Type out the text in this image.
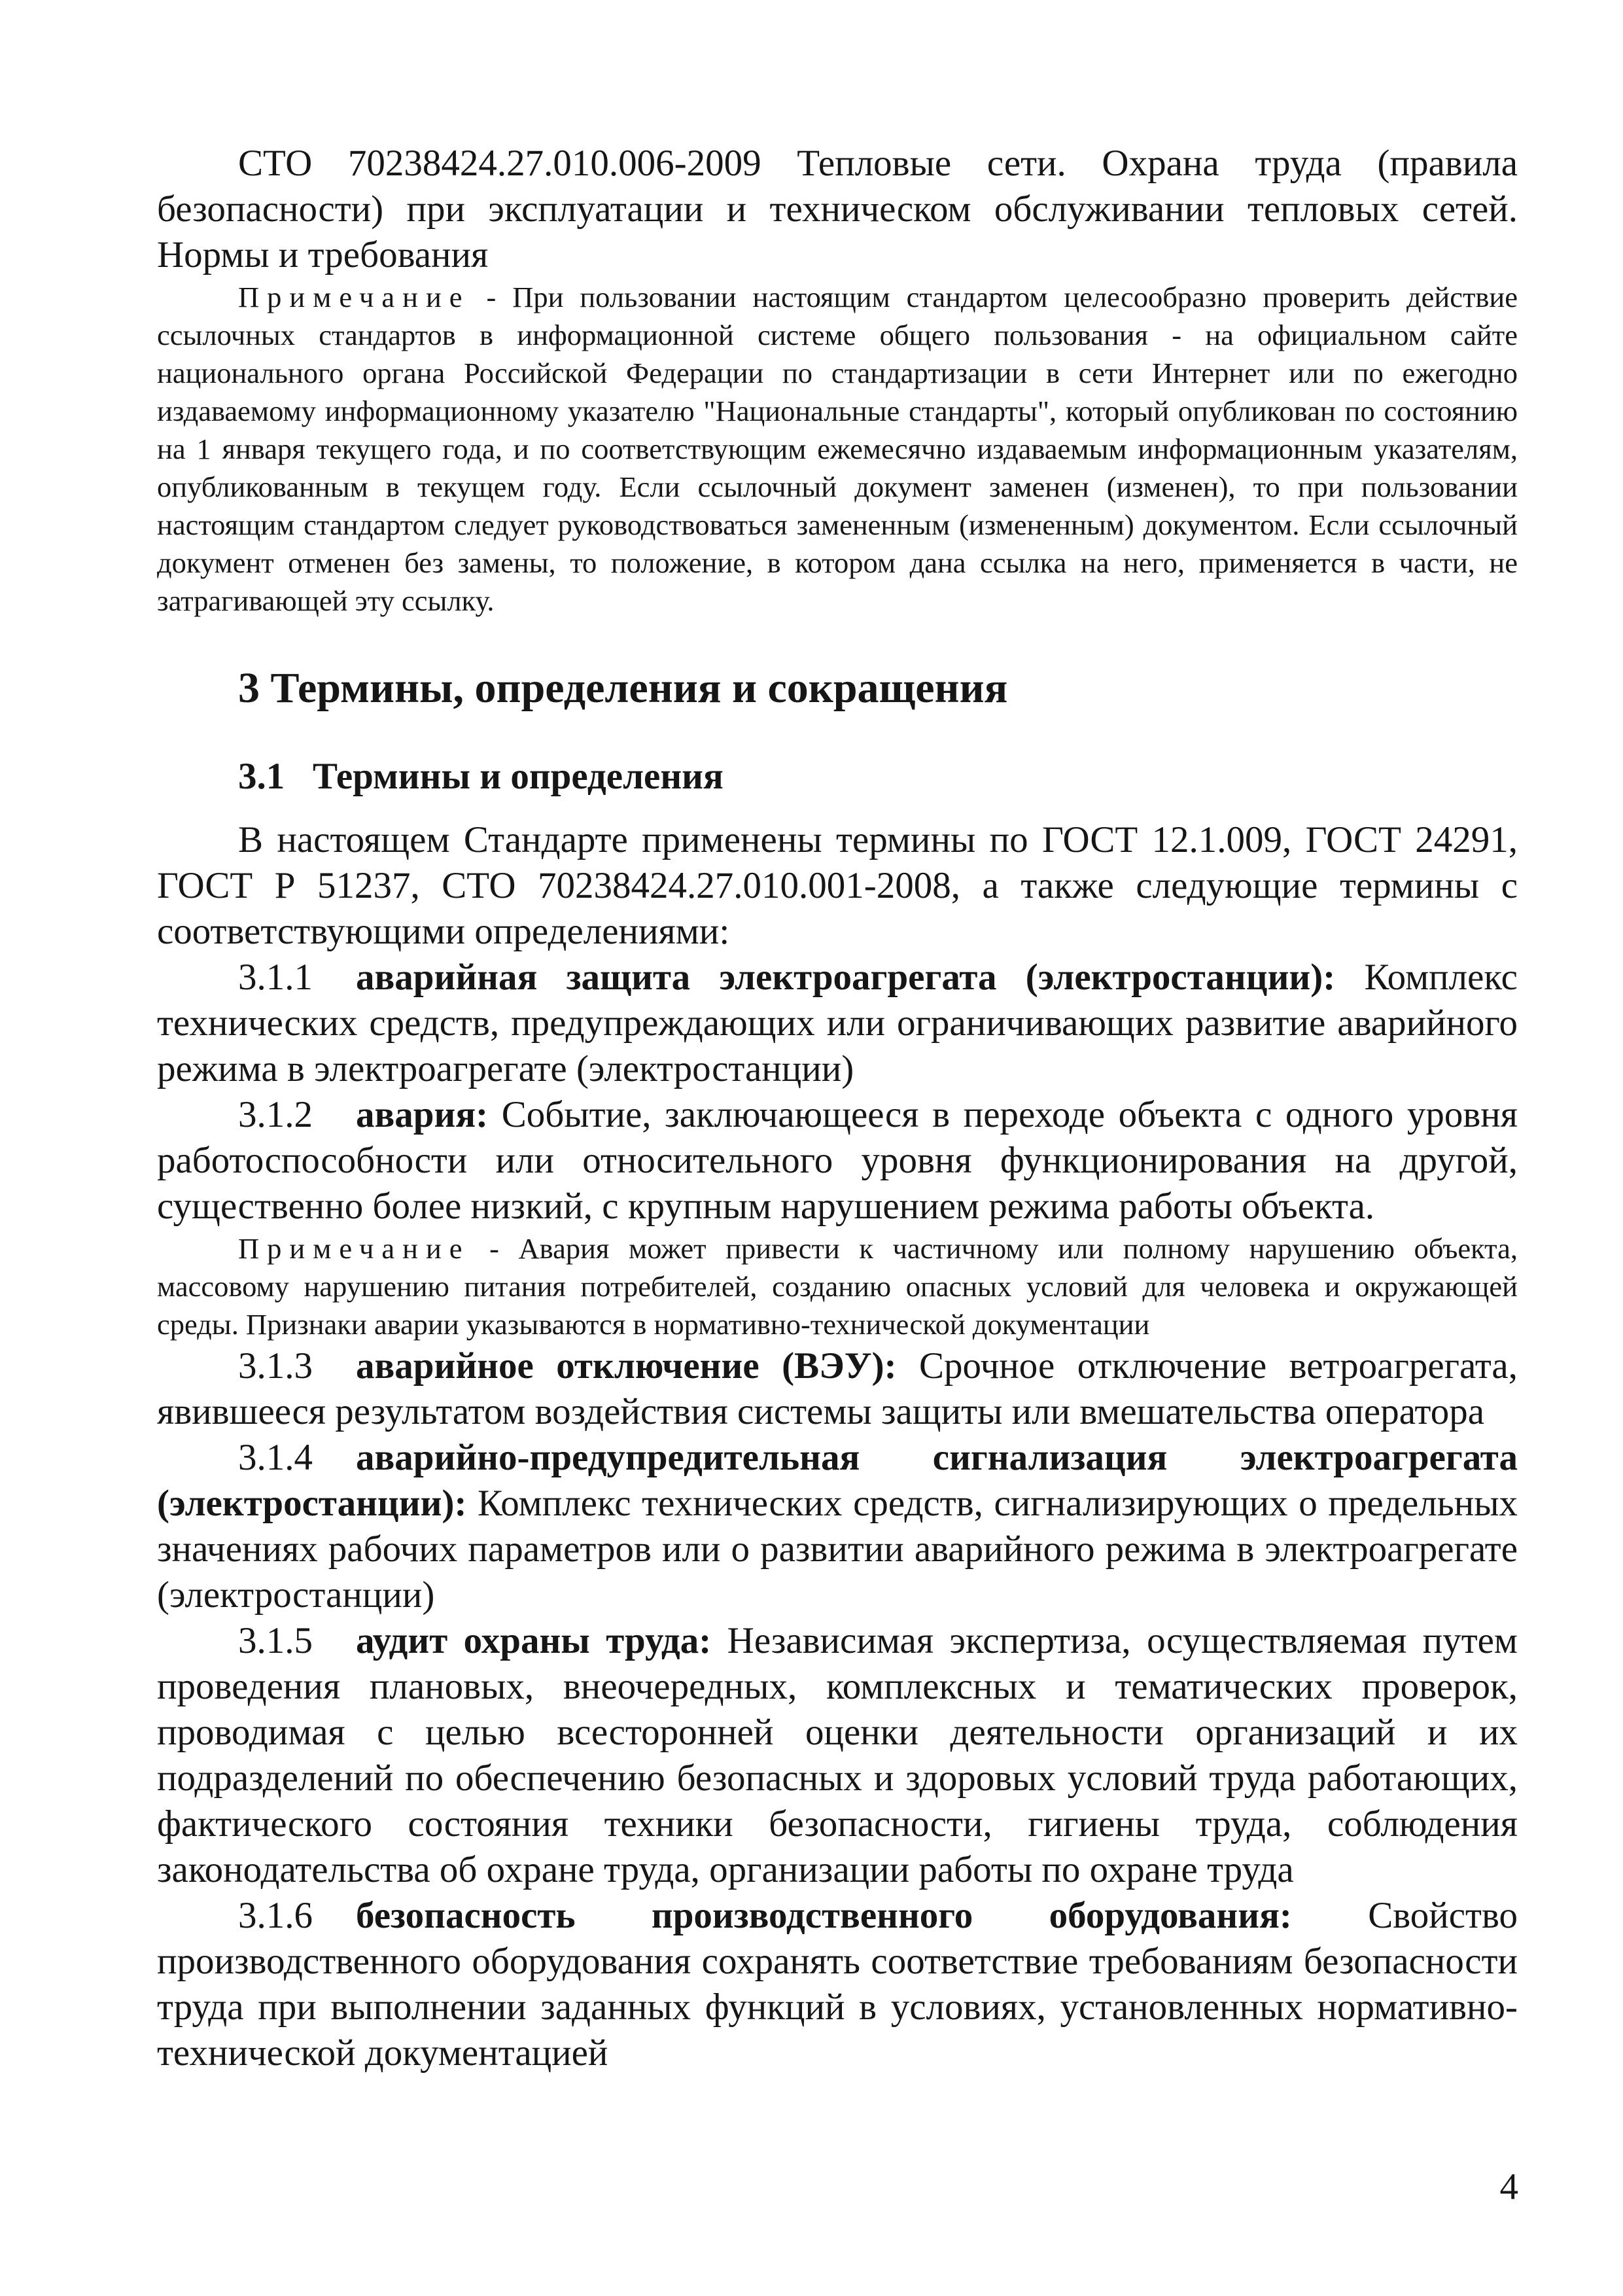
СТО 70238424.27.010.006-2009 Тепловые сети. Охрана труда (правила безопасности) при эксплуатации и техническом обслуживании тепловых сетей. Нормы и требования

Примечание - При пользовании настоящим стандартом целесообразно проверить действие ссылочных стандартов в информационной системе общего пользования - на официальном сайте национального органа Российской Федерации по стандартизации в сети Интернет или по ежегодно издаваемому информационному указателю "Национальные стандарты", который опубликован по состоянию на 1 января текущего года, и по соответствующим ежемесячно издаваемым информационным указателям, опубликованным в текущем году. Если ссылочный документ заменен (изменен), то при пользовании настоящим стандартом следует руководствоваться замененным (измененным) документом. Если ссылочный документ отменен без замены, то положение, в котором дана ссылка на него, применяется в части, не затрагивающей эту ссылку.

3 Термины, определения и сокращения
3.1 Термины и определения

В настоящем Стандарте применены термины по ГОСТ 12.1.009, ГОСТ 24291, ГОСТ Р 51237, СТО 70238424.27.010.001-2008, а также следующие термины с соответствующими определениями:

3.1.1 аварийная защита электроагрегата (электростанции): Комплекс технических средств, предупреждающих или ограничивающих развитие аварийного режима в электроагрегате (электростанции)

3.1.2 авария: Событие, заключающееся в переходе объекта с одного уровня работоспособности или относительного уровня функционирования на другой, существенно более низкий, с крупным нарушением режима работы объекта.

Примечание - Авария может привести к частичному или полному нарушению объекта, массовому нарушению питания потребителей, созданию опасных условий для человека и окружающей среды. Признаки аварии указываются в нормативно-технической документации

3.1.3 аварийное отключение (ВЭУ): Срочное отключение ветроагрегата, явившееся результатом воздействия системы защиты или вмешательства оператора

3.1.4 аварийно-предупредительная сигнализация электроагрегата (электростанции): Комплекс технических средств, сигнализирующих о предельных значениях рабочих параметров или о развитии аварийного режима в электроагрегате (электростанции)

3.1.5 аудит охраны труда: Независимая экспертиза, осуществляемая путем проведения плановых, внеочередных, комплексных и тематических проверок, проводимая с целью всесторонней оценки деятельности организаций и их подразделений по обеспечению безопасных и здоровых условий труда работающих, фактического состояния техники безопасности, гигиены труда, соблюдения законодательства об охране труда, организации работы по охране труда

3.1.6 безопасность производственного оборудования: Свойство производственного оборудования сохранять соответствие требованиям безопасности труда при выполнении заданных функций в условиях, установленных нормативно-технической документацией

4
